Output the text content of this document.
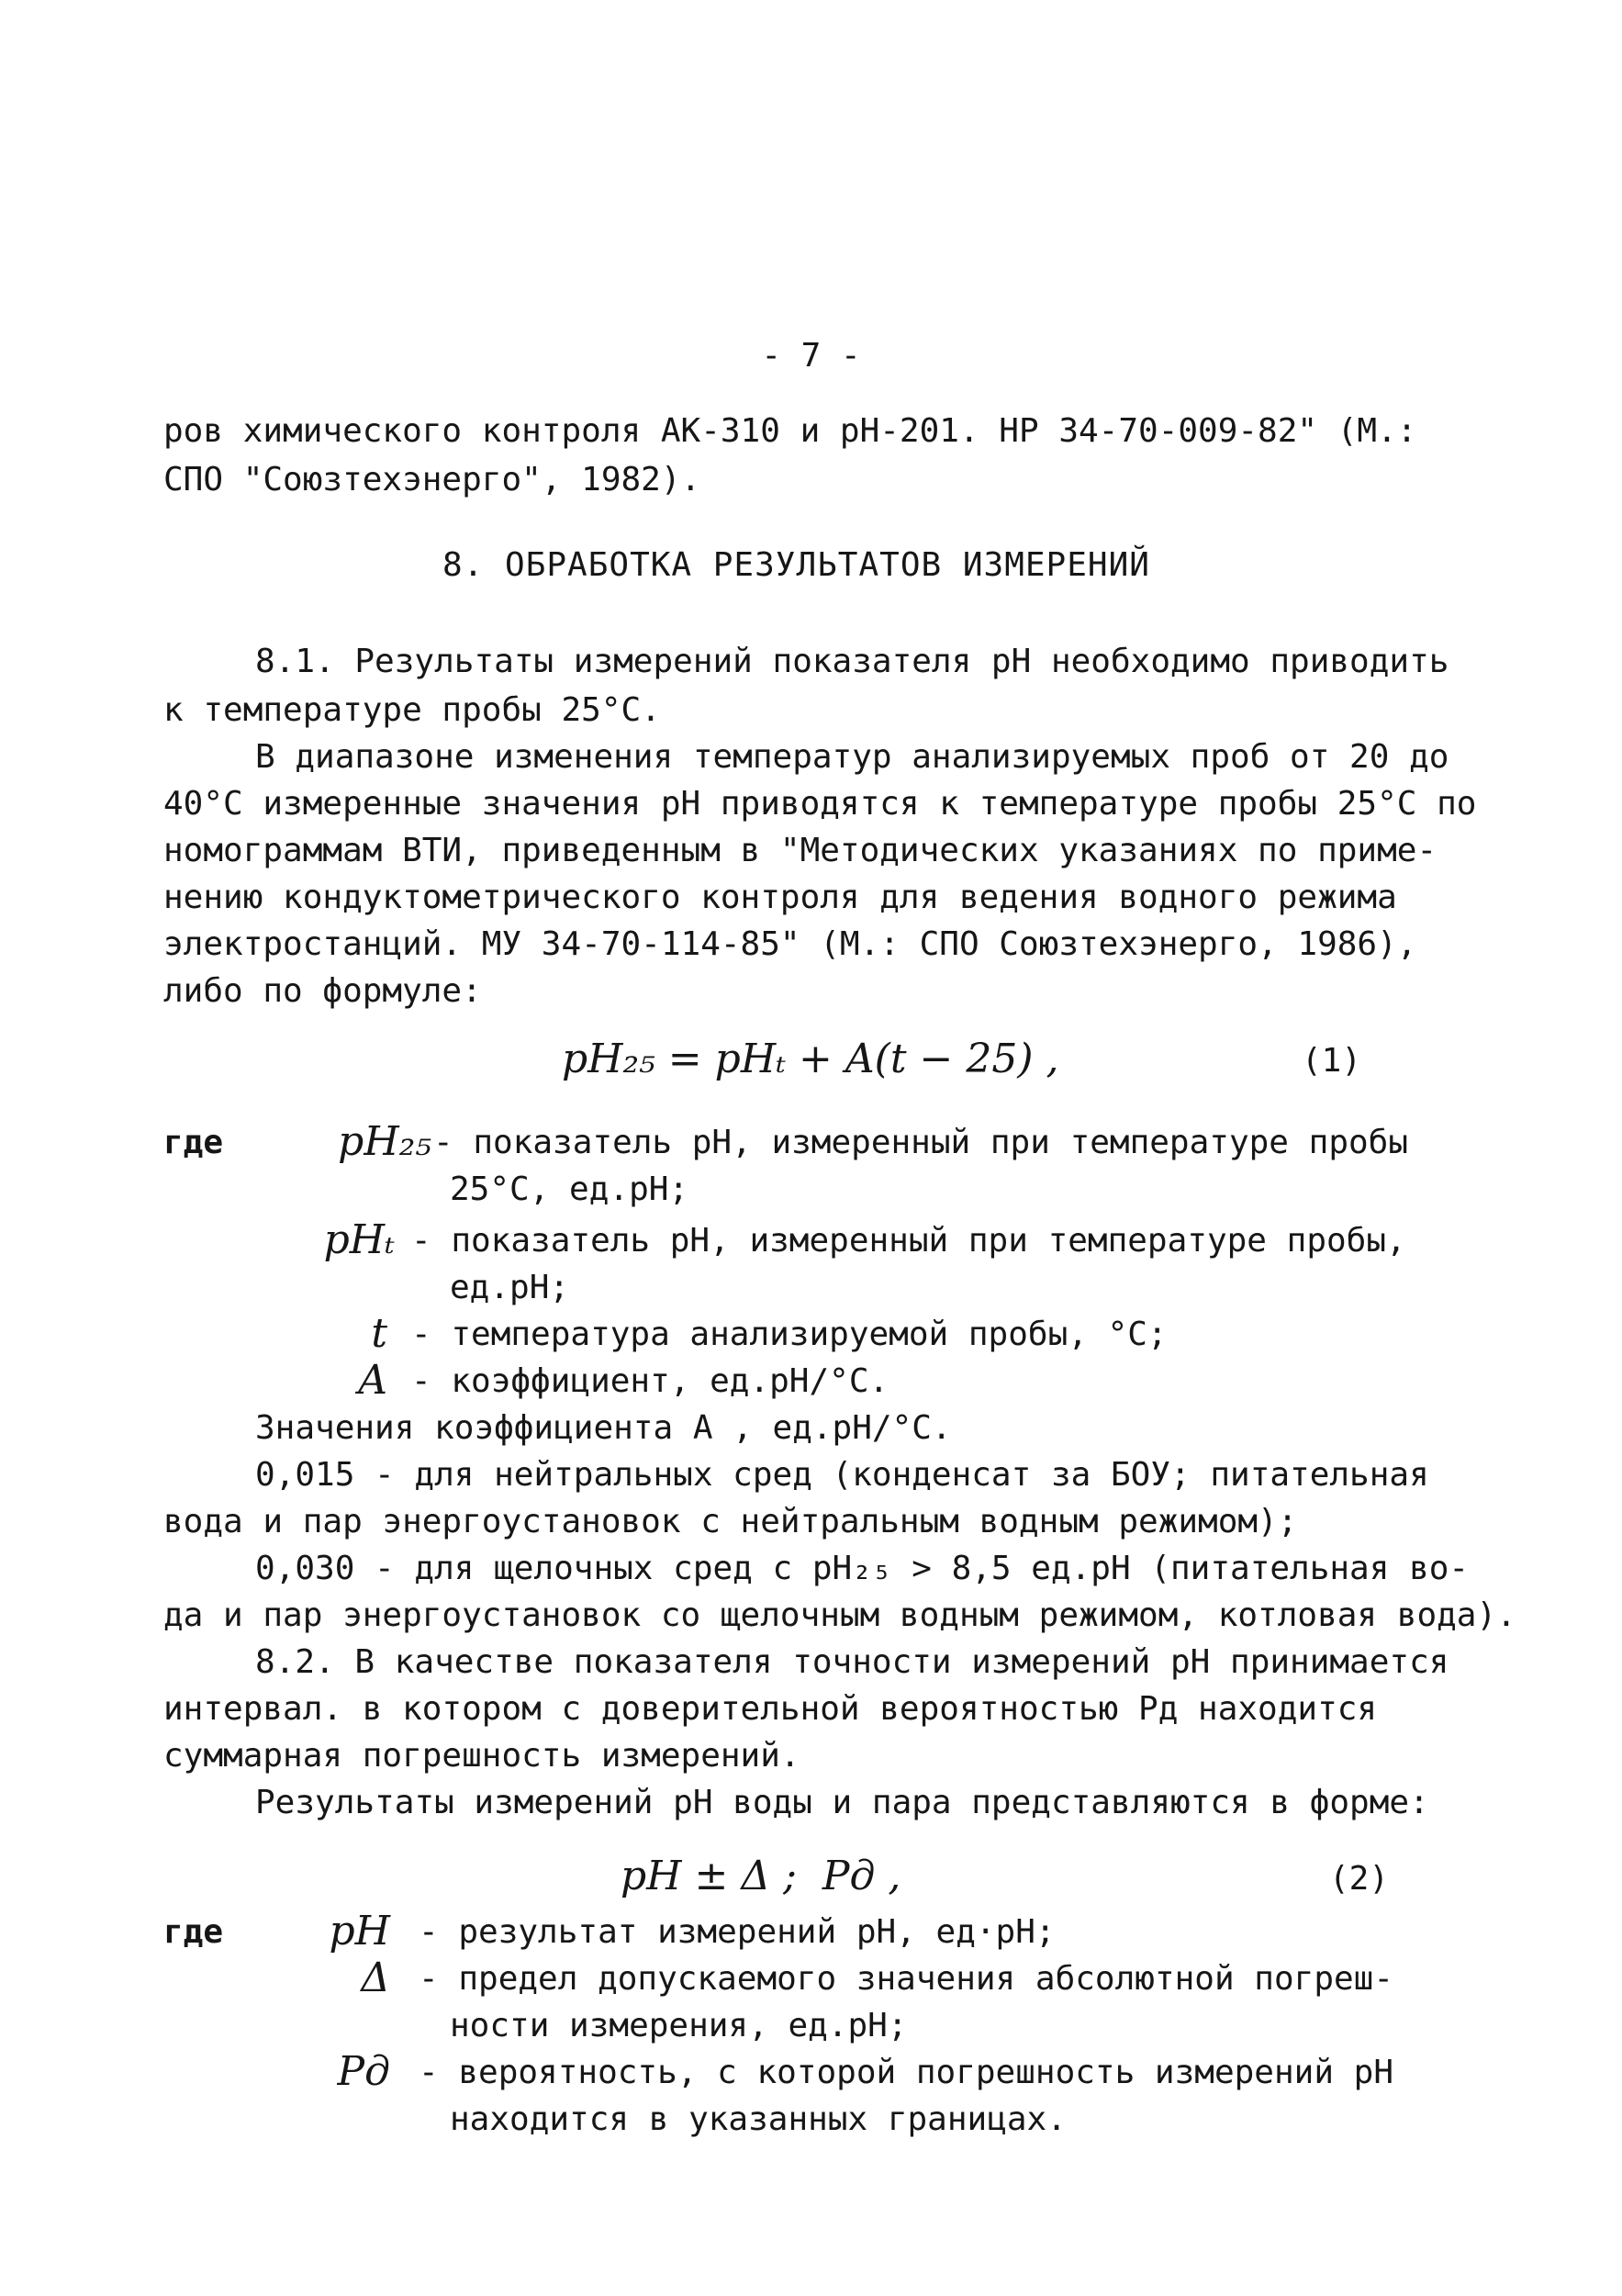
- 7 -
ров химического контроля АК-310 и рН-201. НР 34-70-009-82" (М.:
СПО "Союзтехэнерго", 1982).
8. ОБРАБОТКА РЕЗУЛЬТАТОВ ИЗМЕРЕНИЙ
8.1. Результаты измерений показателя рН необходимо приводить
к температуре пробы 25°С.
В диапазоне изменения температур анализируемых проб от 20 до
40°С измеренные значения рН приводятся к температуре пробы 25°С по
номограммам ВТИ, приведенным в "Методических указаниях по приме-
нению кондуктометрического контроля для ведения водного режима
электростанций. МУ 34-70-114-85" (М.: СПО Союзтехэнерго, 1986),
либо по формуле:
pH₂₅ = pHₜ + A(t − 25) ,	(1)
где	pH₂₅ - показатель рН, измеренный при температуре пробы
25°С, ед.рН;
pHₜ - показатель рН, измеренный при температуре пробы,
ед.рН;
t - температура анализируемой пробы, °С;
A - коэффициент, ед.рН/°С.
Значения коэффициента A , ед.рН/°С.
0,015 - для нейтральных сред (конденсат за БОУ; питательная
вода и пар энергоустановок с нейтральным водным режимом);
0,030 - для щелочных сред с рН₂₅ > 8,5 ед.рН (питательная во-
да и пар энергоустановок со щелочным водным режимом, котловая вода).
8.2. В качестве показателя точности измерений рН принимается
интервал. в котором с доверительной вероятностью Pд находится
суммарная погрешность измерений.
Результаты измерений рН воды и пара представляются в форме:
pH ± Δ ;  Pд ,	(2)
где	pH - результат измерений рН, ед·рН;
Δ - предел допускаемого значения абсолютной погреш-
ности измерения, ед.рН;
Pд - вероятность, с которой погрешность измерений рН
находится в указанных границах.
